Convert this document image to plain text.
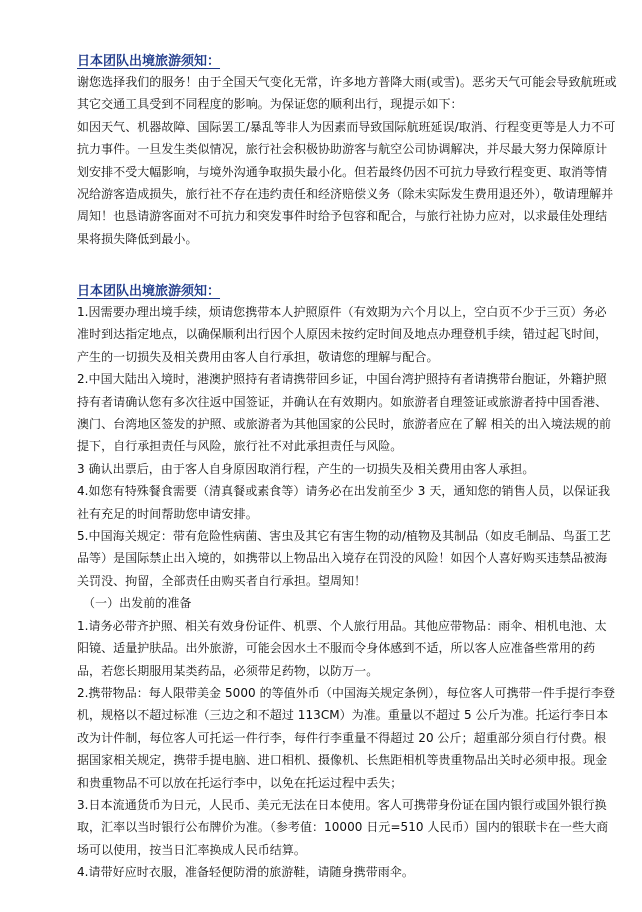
日本团队出境旅游须知：

谢您选择我们的服务！由于全国天气变化无常，许多地方普降大雨(或雪)。恶劣天气可能会导致航班或其它交通工具受到不同程度的影响。为保证您的顺利出行，现提示如下：

如因天气、机器故障、国际罢工/暴乱等非人为因素而导致国际航班延误/取消、行程变更等是人力不可抗力事件。一旦发生类似情况，旅行社会积极协助游客与航空公司协调解决，并尽最大努力保障原计划安排不受大幅影响，与境外沟通争取损失最小化。但若最终仍因不可抗力导致行程变更、取消等情况给游客造成损失，旅行社不存在违约责任和经济赔偿义务（除未实际发生费用退还外），敬请理解并周知！也恳请游客面对不可抗力和突发事件时给予包容和配合，与旅行社协力应对，以求最佳处理结果将损失降低到最小。

日本团队出境旅游须知：

1.因需要办理出境手续，烦请您携带本人护照原件（有效期为六个月以上，空白页不少于三页）务必准时到达指定地点，以确保顺利出行因个人原因未按约定时间及地点办理登机手续，错过起飞时间，产生的一切损失及相关费用由客人自行承担，敬请您的理解与配合。

2.中国大陆出入境时，港澳护照持有者请携带回乡证，中国台湾护照持有者请携带台胞证，外籍护照持有者请确认您有多次往返中国签证，并确认在有效期内。如旅游者自理签证或旅游者持中国香港、澳门、台湾地区签发的护照、或旅游者为其他国家的公民时，旅游者应在了解 相关的出入境法规的前提下，自行承担责任与风险，旅行社不对此承担责任与风险。

3 确认出票后，由于客人自身原因取消行程，产生的一切损失及相关费用由客人承担。

4.如您有特殊餐食需要（清真餐或素食等）请务必在出发前至少 3 天，通知您的销售人员，以保证我社有充足的时间帮助您申请安排。

5.中国海关规定：带有危险性病菌、害虫及其它有害生物的动/植物及其制品（如皮毛制品、鸟蛋工艺品等）是国际禁止出入境的，如携带以上物品出入境存在罚没的风险！如因个人喜好购买违禁品被海关罚没、拘留，全部责任由购买者自行承担。望周知！

（一）出发前的准备

1.请务必带齐护照、相关有效身份证件、机票、个人旅行用品。其他应带物品：雨伞、相机电池、太阳镜、适量护肤品。出外旅游，可能会因水土不服而令身体感到不适，所以客人应准备些常用的药品，若您长期服用某类药品，必须带足药物，以防万一。

2.携带物品：每人限带美金 5000 的等值外币（中国海关规定条例），每位客人可携带一件手提行李登机，规格以不超过标准（三边之和不超过 113CM）为准。重量以不超过 5 公斤为准。托运行李日本改为计件制，每位客人可托运一件行李，每件行李重量不得超过 20 公斤；超重部分须自行付费。根据国家相关规定，携带手提电脑、进口相机、摄像机、长焦距相机等贵重物品出关时必须申报。现金和贵重物品不可以放在托运行李中，以免在托运过程中丢失；

3.日本流通货币为日元，人民币、美元无法在日本使用。客人可携带身份证在国内银行或国外银行换取，汇率以当时银行公布牌价为准。（参考值：10000 日元=510 人民币）国内的银联卡在一些大商场可以使用，按当日汇率换成人民币结算。

4.请带好应时衣服，准备轻便防滑的旅游鞋，请随身携带雨伞。
